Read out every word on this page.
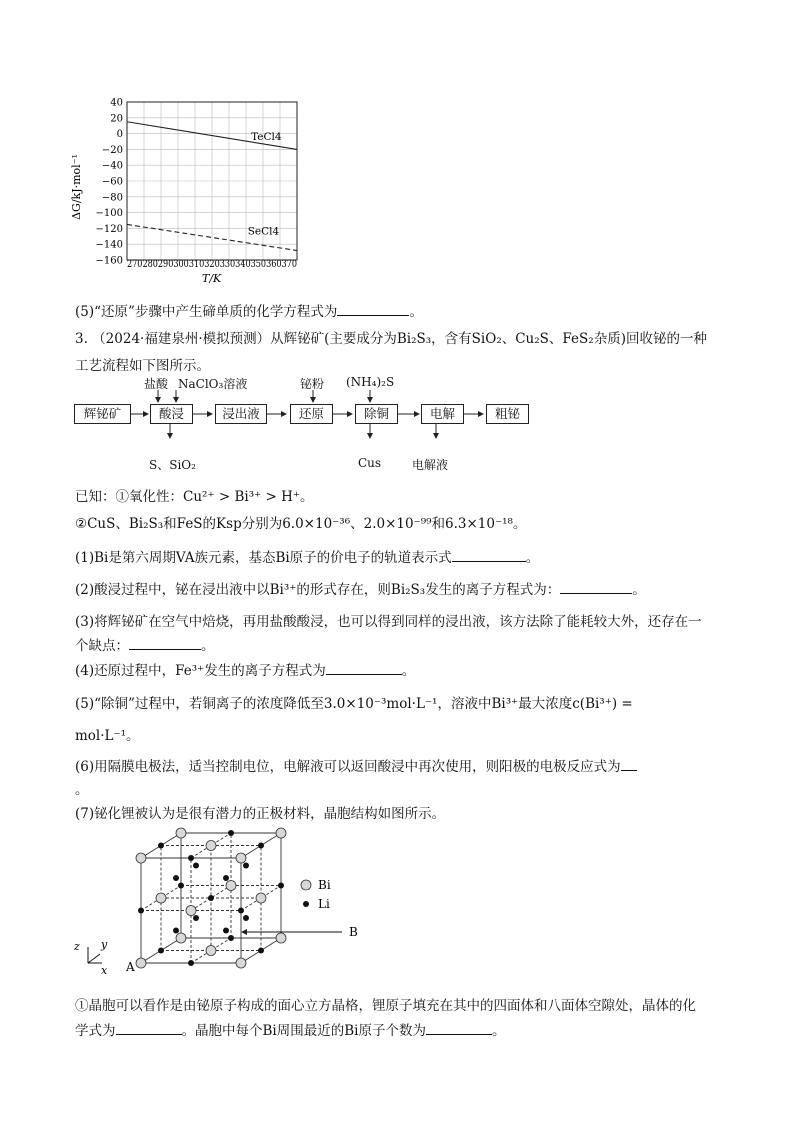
40
20
0
−20
−40
−60
−80
−100
−120
−140
−160 270280290300310320330340350360370
T/K
ΔG/kJ·mol⁻¹
TeCl4
SeCl4
(5)“还原”步骤中产生碲单质的化学方程式为	。
3. （2024·福建泉州·模拟预测）从辉铋矿(主要成分为Bi₂S₃，含有SiO₂、Cu₂S、FeS₂杂质)回收铋的一种
工艺流程如下图所示。
盐酸 NaClO₃溶液	铋粉 (NH₄)₂S
辉铋矿	酸浸	浸出液	还原	除铜	电解	粗铋
S、SiO₂	Cus	电解液
已知：①氧化性：Cu²⁺ > Bi³⁺ > H⁺。
②CuS、Bi₂S₃和FeS的Ksp分别为6.0×10⁻³⁶、2.0×10⁻⁹⁹和6.3×10⁻¹⁸。
(1)Bi是第六周期VA族元素，基态Bi原子的价电子的轨道表示式	。
(2)酸浸过程中，铋在浸出液中以Bi³⁺的形式存在，则Bi₂S₃发生的离子方程式为：	。
(3)将辉铋矿在空气中焙烧，再用盐酸酸浸，也可以得到同样的浸出液，该方法除了能耗较大外，还存在一
个缺点：	。
(4)还原过程中，Fe³⁺发生的离子方程式为	。
(5)“除铜”过程中，若铜离子的浓度降低至3.0×10⁻³mol·L⁻¹，溶液中Bi³⁺最大浓度c(Bi³⁺) =
mol·L⁻¹。
(6)用隔膜电极法，适当控制电位，电解液可以返回酸浸中再次使用，则阳极的电极反应式为
。
(7)铋化锂被认为是很有潜力的正极材料，晶胞结构如图所示。
z y
x A
B
Bi
Li
①晶胞可以看作是由铋原子构成的面心立方晶格，锂原子填充在其中的四面体和八面体空隙处，晶体的化
学式为	。晶胞中每个Bi周围最近的Bi原子个数为	。
